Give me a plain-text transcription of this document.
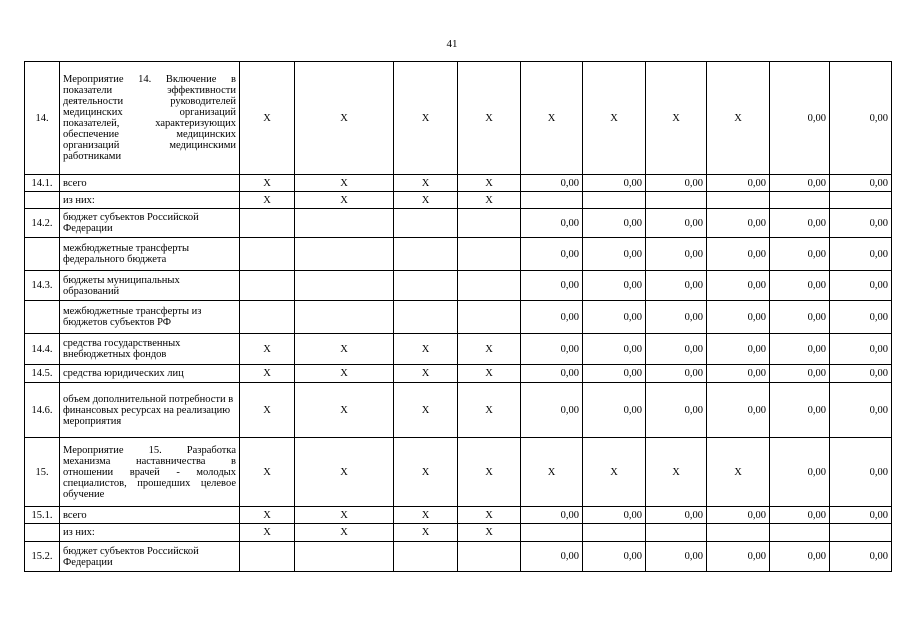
41
14.	Мероприятие 14. Включение в показатели эффективности деятельности руководителей медицинских организаций показателей, характеризующих обеспечение медицинских организаций медицинскими работниками	X	X	X	X	X	X	X	X	0,00	0,00
14.1.	всего	X	X	X	X	0,00	0,00	0,00	0,00	0,00	0,00
	из них:	X	X	X	X						
14.2.	бюджет субъектов Российской Федерации					0,00	0,00	0,00	0,00	0,00	0,00
	межбюджетные трансферты федерального бюджета					0,00	0,00	0,00	0,00	0,00	0,00
14.3.	бюджеты муниципальных образований					0,00	0,00	0,00	0,00	0,00	0,00
	межбюджетные трансферты из бюджетов субъектов РФ					0,00	0,00	0,00	0,00	0,00	0,00
14.4.	средства государственных внебюджетных фондов	X	X	X	X	0,00	0,00	0,00	0,00	0,00	0,00
14.5.	средства юридических лиц	X	X	X	X	0,00	0,00	0,00	0,00	0,00	0,00
14.6.	объем дополнительной потребности в финансовых ресурсах на реализацию мероприятия	X	X	X	X	0,00	0,00	0,00	0,00	0,00	0,00
15.	Мероприятие 15. Разработка механизма наставничества в отношении врачей - молодых специалистов, прошедших целевое обучение	X	X	X	X	X	X	X	X	0,00	0,00
15.1.	всего	X	X	X	X	0,00	0,00	0,00	0,00	0,00	0,00
	из них:	X	X	X	X						
15.2.	бюджет субъектов Российской Федерации					0,00	0,00	0,00	0,00	0,00	0,00
